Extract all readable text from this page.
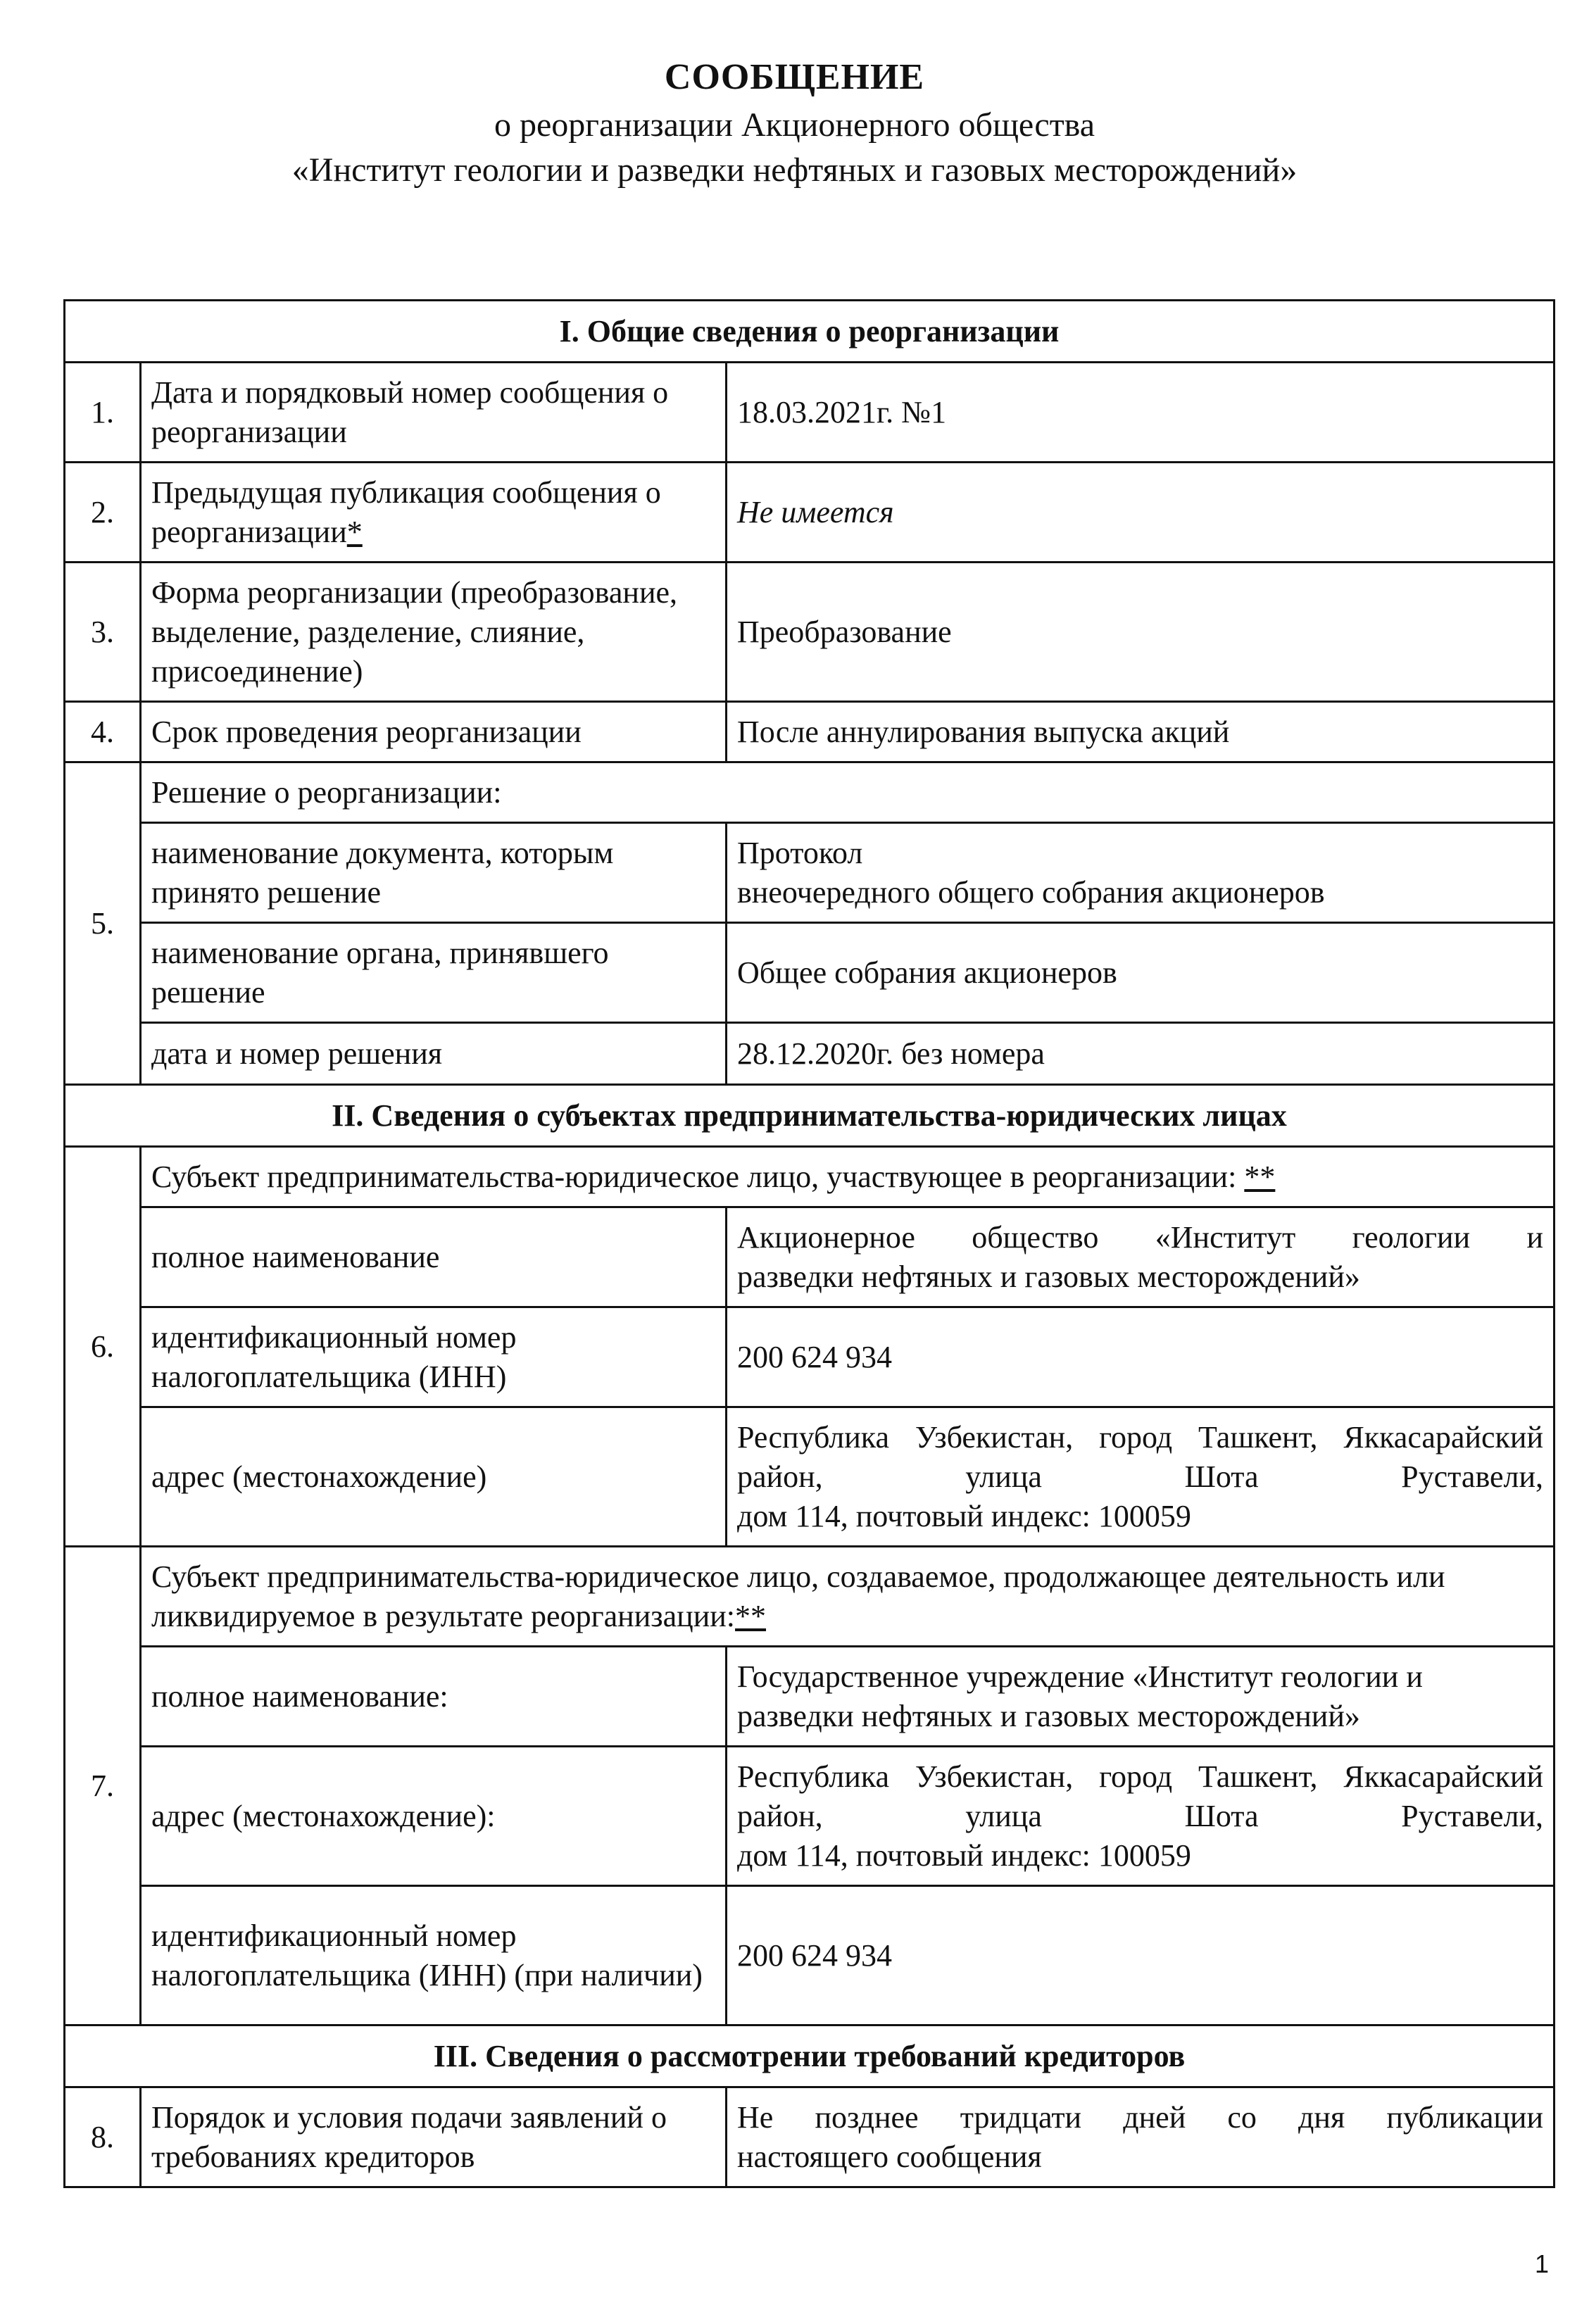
СООБЩЕНИЕ
о реорганизации Акционерного общества
«Институт геологии и разведки нефтяных и газовых месторождений»
I. Общие сведения о реорганизации		
1.	Дата и порядковый номер сообщения о реорганизации	18.03.2021г. №1
2.	Предыдущая публикация сообщения о реорганизации*	Не имеется
3.	Форма реорганизации (преобразование, выделение, разделение, слияние, присоединение)	Преобразование
4.	Срок проведения реорганизации	После аннулирования выпуска акций
5.	Решение о реорганизации:	
	наименование документа, которым принято решение	Протокол
внеочередного общего собрания акционеров

	наименование органа, принявшего решение	Общее собрания акционеров
	дата и номер решения	28.12.2020г. без номера
II. Сведения о субъектах предпринимательства-юридических лицах		
6.	Субъект предпринимательства-юридическое лицо, участвующее в реорганизации: **	
	полное наименование	Акционерное общество «Институт геологии и
разведки нефтяных и газовых месторождений»

	идентификационный номер налогоплательщика (ИНН)	200 624 934
	адрес (местонахождение)	Республика Узбекистан, город Ташкент, Яккасарайский район, улица Шота Руставели,
дом 114, почтовый индекс: 100059

7.	Субъект предпринимательства-юридическое лицо, создаваемое, продолжающее деятельность или ликвидируемое в результате реорганизации:**	
	полное наименование:	Государственное учреждение «Институт геологии и
разведки нефтяных и газовых месторождений»

	адрес (местонахождение):	Республика Узбекистан, город Ташкент, Яккасарайский район, улица Шота Руставели,
дом 114, почтовый индекс: 100059

	идентификационный номер налогоплательщика (ИНН) (при наличии)	200 624 934
III. Сведения о рассмотрении требований кредиторов		
8.	Порядок и условия подачи заявлений о требованиях кредиторов	Не позднее тридцати дней со дня публикации
настоящего сообщения
1
